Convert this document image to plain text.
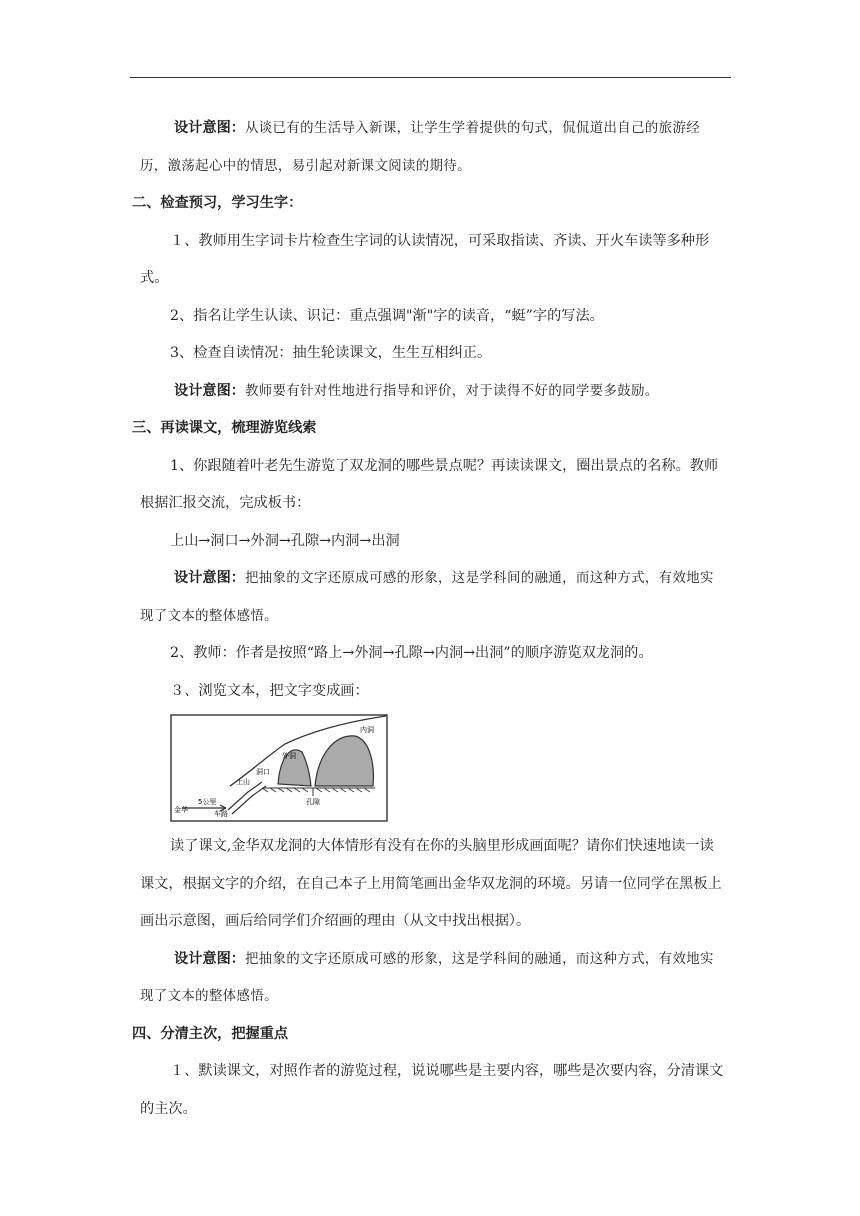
设计意图：从谈已有的生活导入新课，让学生学着提供的句式，侃侃道出自己的旅游经历，激荡起心中的情思，易引起对新课文阅读的期待。

二、检查预习，学习生字：

１、教师用生字词卡片检查生字词的认读情况，可采取指读、齐读、开火车读等多种形式。

2、指名让学生认读、识记：重点强调"渐"字的读音，“蜓”字的写法。

3、检查自读情况：抽生轮读课文，生生互相纠正。

设计意图：教师要有针对性地进行指导和评价，对于读得不好的同学要多鼓励。

三、再读课文，梳理游览线索

1、你跟随着叶老先生游览了双龙洞的哪些景点呢？再读读课文，圈出景点的名称。教师根据汇报交流，完成板书：

上山→洞口→外洞→孔隙→内洞→出洞

设计意图：把抽象的文字还原成可感的形象，这是学科间的融通，而这种方式，有效地实现了文本的整体感悟。

2、教师：作者是按照“路上→外洞→孔隙→内洞→出洞”的顺序游览双龙洞的。

３、浏览文本，把文字变成画：

金华
5公里
车路
上山
洞口
外洞
内洞
孔隙

读了课文,金华双龙洞的大体情形有没有在你的头脑里形成画面呢？请你们快速地读一读课文，根据文字的介绍，在自己本子上用简笔画出金华双龙洞的环境。另请一位同学在黑板上画出示意图，画后给同学们介绍画的理由（从文中找出根据）。

设计意图：把抽象的文字还原成可感的形象，这是学科间的融通，而这种方式，有效地实现了文本的整体感悟。

四、分清主次，把握重点

１、默读课文，对照作者的游览过程，说说哪些是主要内容，哪些是次要内容，分清课文的主次。
